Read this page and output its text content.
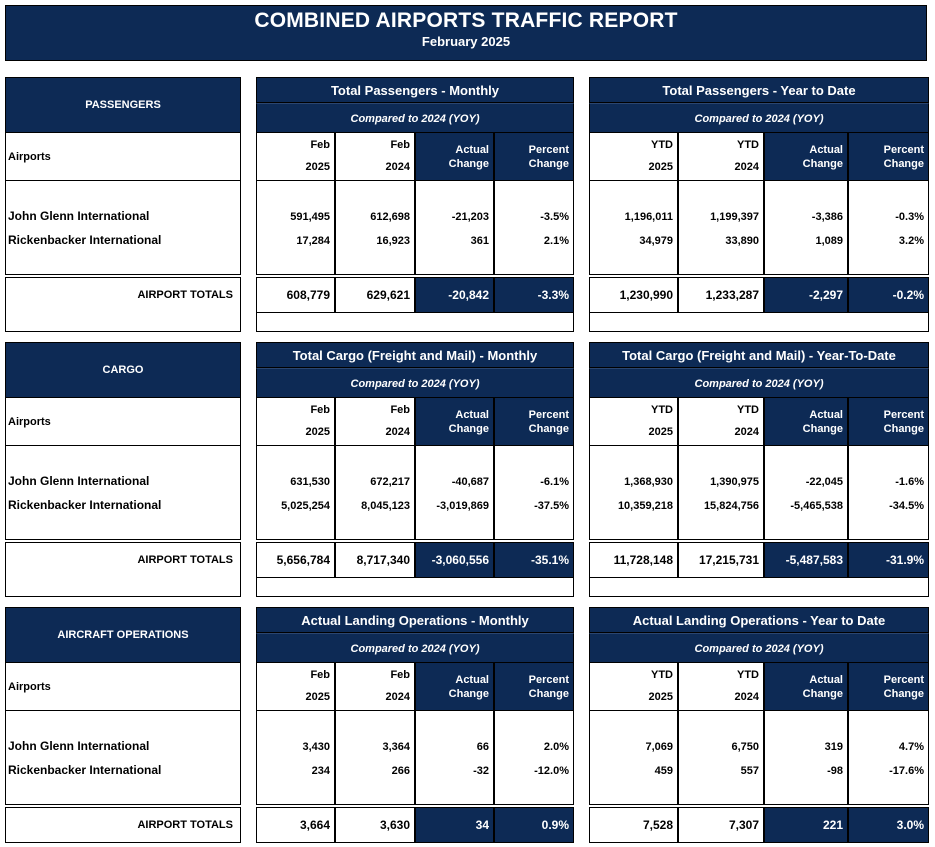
COMBINED AIRPORTS TRAFFIC REPORT
February 2025
PASSENGERS
Airports
John Glenn International
Rickenbacker International
AIRPORT TOTALS
Total Passengers - Monthly
Compared to 2024 (YOY)
Feb
2025
591,495
17,284
608,779
Feb
2024
612,698
16,923
629,621
Actual
Change
-21,203
361
-20,842
Percent
Change
-3.5%
2.1%
-3.3%
Total Passengers - Year to Date
Compared to 2024 (YOY)
YTD
2025
1,196,011
34,979
1,230,990
YTD
2024
1,199,397
33,890
1,233,287
Actual
Change
-3,386
1,089
-2,297
Percent
Change
-0.3%
3.2%
-0.2%
CARGO
Airports
John Glenn International
Rickenbacker International
AIRPORT TOTALS
Total Cargo (Freight and Mail) - Monthly
Compared to 2024 (YOY)
Feb
2025
631,530
5,025,254
5,656,784
Feb
2024
672,217
8,045,123
8,717,340
Actual
Change
-40,687
-3,019,869
-3,060,556
Percent
Change
-6.1%
-37.5%
-35.1%
Total Cargo (Freight and Mail) - Year-To-Date
Compared to 2024 (YOY)
YTD
2025
1,368,930
10,359,218
11,728,148
YTD
2024
1,390,975
15,824,756
17,215,731
Actual
Change
-22,045
-5,465,538
-5,487,583
Percent
Change
-1.6%
-34.5%
-31.9%
AIRCRAFT OPERATIONS
Airports
John Glenn International
Rickenbacker International
AIRPORT TOTALS
Actual Landing Operations - Monthly
Compared to 2024 (YOY)
Feb
2025
3,430
234
3,664
Feb
2024
3,364
266
3,630
Actual
Change
66
-32
34
Percent
Change
2.0%
-12.0%
0.9%
Actual Landing Operations - Year to Date
Compared to 2024 (YOY)
YTD
2025
7,069
459
7,528
YTD
2024
6,750
557
7,307
Actual
Change
319
-98
221
Percent
Change
4.7%
-17.6%
3.0%
